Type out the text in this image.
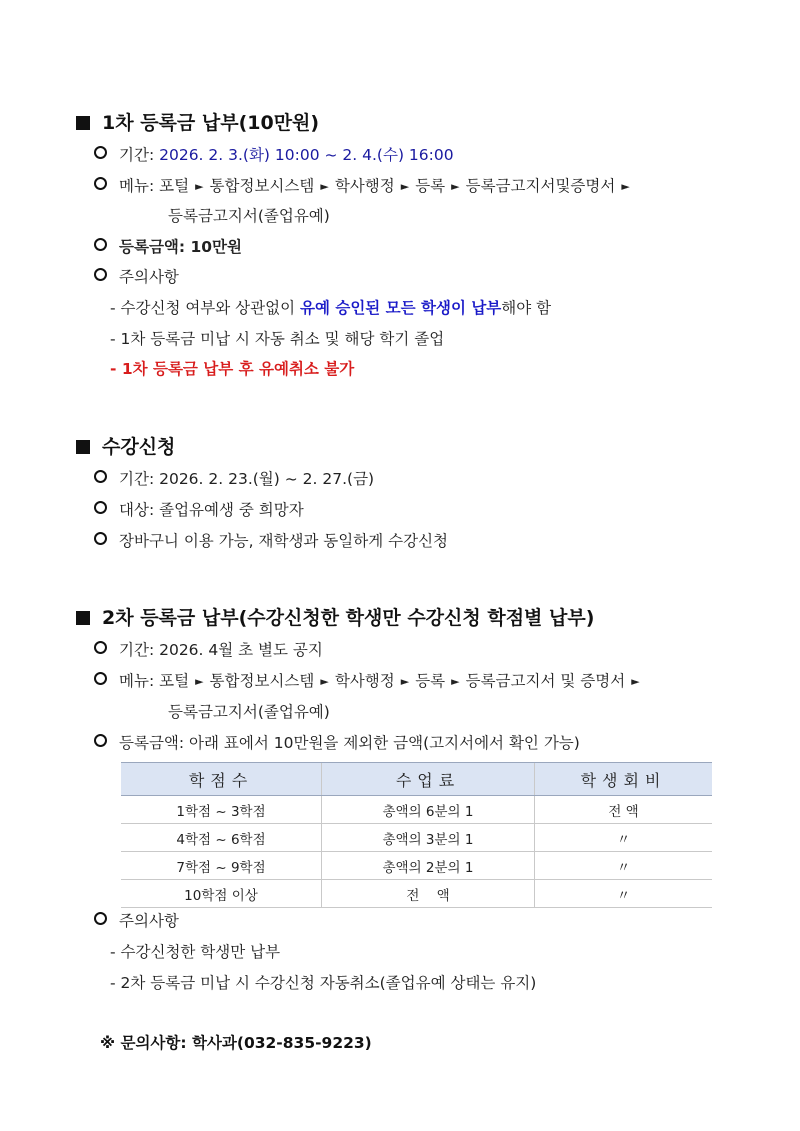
1차 등록금 납부(10만원)
기간: 2026. 2. 3.(화) 10:00 ~ 2. 4.(수) 16:00
메뉴: 포털 ► 통합정보시스템 ► 학사행정 ► 등록 ► 등록금고지서및증명서 ►
등록금고지서(졸업유예)
등록금액: 10만원
주의사항
- 수강신청 여부와 상관없이 유예 승인된 모든 학생이 납부해야 함
- 1차 등록금 미납 시 자동 취소 및 해당 학기 졸업
- 1차 등록금 납부 후 유예취소 불가
수강신청
기간: 2026. 2. 23.(월) ~ 2. 27.(금)
대상: 졸업유예생 중 희망자
장바구니 이용 가능, 재학생과 동일하게 수강신청
2차 등록금 납부(수강신청한 학생만 수강신청 학점별 납부)
기간: 2026. 4월 초 별도 공지
메뉴: 포털 ► 통합정보시스템 ► 학사행정 ► 등록 ► 등록금고지서 및 증명서 ►
등록금고지서(졸업유예)
등록금액: 아래 표에서 10만원을 제외한 금액(고지서에서 확인 가능)
학점수	수업료	학생회비
1학점 ~ 3학점	총액의 6분의 1	전 액
4학점 ~ 6학점	총액의 3분의 1	〃
7학점 ~ 9학점	총액의 2분의 1	〃
10학점 이상	전    액	〃
주의사항
- 수강신청한 학생만 납부
- 2차 등록금 미납 시 수강신청 자동취소(졸업유예 상태는 유지)
※ 문의사항: 학사과(032-835-9223)
